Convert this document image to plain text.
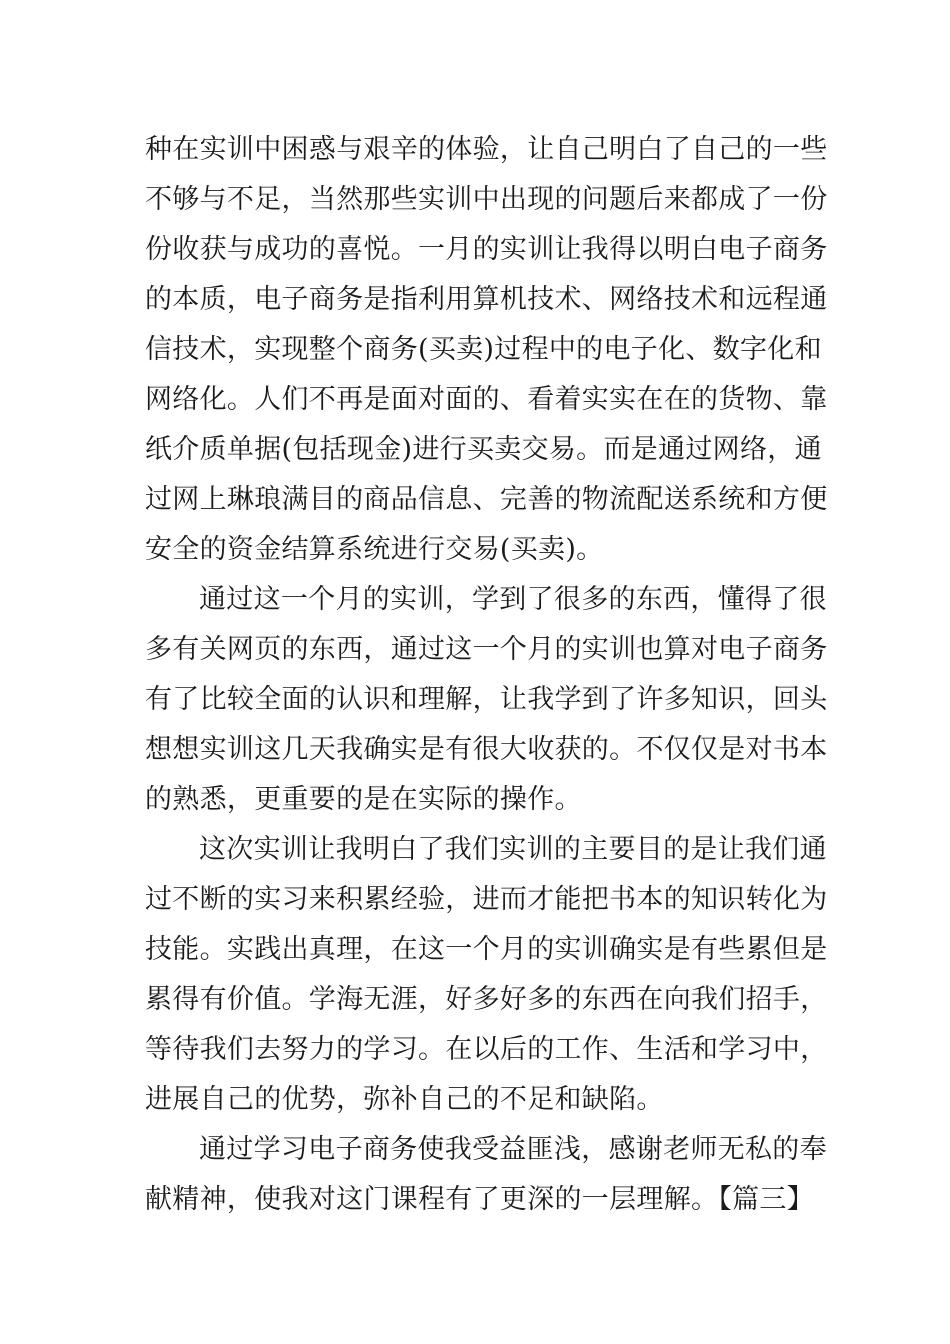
种在实训中困惑与艰辛的体验，让自己明白了自己的一些
不够与不足，当然那些实训中出现的问题后来都成了一份
份收获与成功的喜悦。一月的实训让我得以明白电子商务
的本质，电子商务是指利用算机技术、网络技术和远程通
信技术，实现整个商务(买卖)过程中的电子化、数字化和
网络化。人们不再是面对面的、看着实实在在的货物、靠
纸介质单据(包括现金)进行买卖交易。而是通过网络，通
过网上琳琅满目的商品信息、完善的物流配送系统和方便
安全的资金结算系统进行交易(买卖)。
通过这一个月的实训，学到了很多的东西，懂得了很
多有关网页的东西，通过这一个月的实训也算对电子商务
有了比较全面的认识和理解，让我学到了许多知识，回头
想想实训这几天我确实是有很大收获的。不仅仅是对书本
的熟悉，更重要的是在实际的操作。
这次实训让我明白了我们实训的主要目的是让我们通
过不断的实习来积累经验，进而才能把书本的知识转化为
技能。实践出真理，在这一个月的实训确实是有些累但是
累得有价值。学海无涯，好多好多的东西在向我们招手，
等待我们去努力的学习。在以后的工作、生活和学习中，
进展自己的优势，弥补自己的不足和缺陷。
通过学习电子商务使我受益匪浅，感谢老师无私的奉
献精神，使我对这门课程有了更深的一层理解。【篇三】
